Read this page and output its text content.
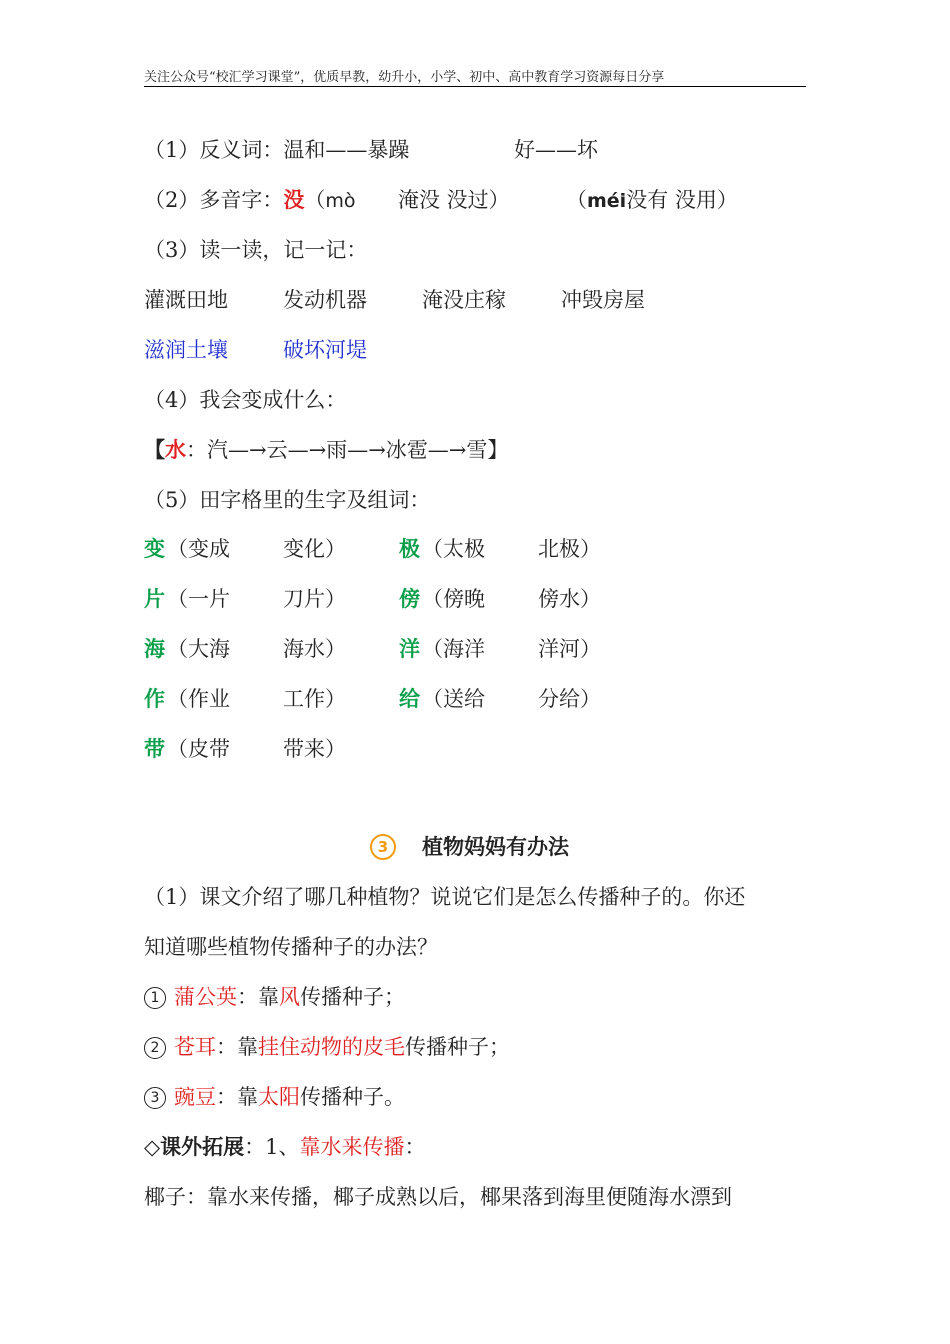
关注公众号“校汇学习课堂”，优质早教，幼升小，小学、初中、高中教育学习资源每日分享
（1）反义词：温和——暴躁	好——坏
（2）多音字：没（mò 淹没 没过）	（méi没有 没用）
（3）读一读，记一记：
灌溉田地	发动机器	淹没庄稼	冲毁房屋
滋润土壤	破坏河堤
（4）我会变成什么：
【水：汽—→云—→雨—→冰雹—→雪】
（5）田字格里的生字及组词：
变 （变成	变化）	极 （太极	北极）
片 （一片	刀片）	傍 （傍晚	傍水）
海 （大海	海水）	洋 （海洋	洋河）
作 （作业	工作）	给 （送给	分给）
带 （皮带	带来）
3 植物妈妈有办法
（1）课文介绍了哪几种植物？说说它们是怎么传播种子的。你还
知道哪些植物传播种子的办法？
1 蒲公英：靠风传播种子；
2 苍耳：靠挂住动物的皮毛传播种子；
3 豌豆：靠太阳传播种子。
◇课外拓展：1、靠水来传播：
椰子：靠水来传播，椰子成熟以后，椰果落到海里便随海水漂到
